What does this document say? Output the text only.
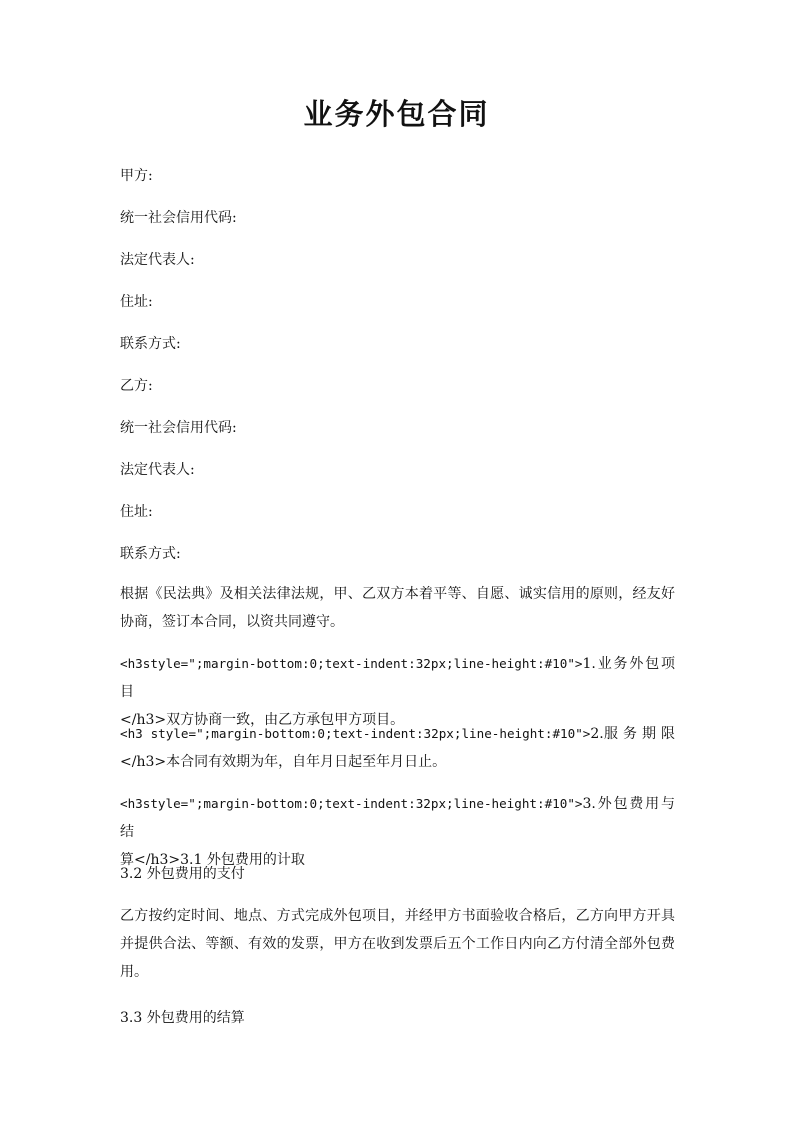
业务外包合同
甲方:
统一社会信用代码:
法定代表人:
住址:
联系方式:
乙方:
统一社会信用代码:
法定代表人:
住址:
联系方式:
根据《民法典》及相关法律法规，甲、乙双方本着平等、自愿、诚实信用的原则，经友好协商，签订本合同，以资共同遵守。
<h3style=";margin-bottom:0;text-indent:32px;line-height:#10">1.业务外包项目
</h3>双方协商一致，由乙方承包甲方项目。
<h3 style=";margin-bottom:0;text-indent:32px;line-height:#10">2.服 务 期 限
</h3>本合同有效期为年，自年月日起至年月日止。
<h3style=";margin-bottom:0;text-indent:32px;line-height:#10">3.外包费用与结
算</h3>3.1 外包费用的计取
3.2 外包费用的支付
乙方按约定时间、地点、方式完成外包项目，并经甲方书面验收合格后，乙方向甲方开具并提供合法、等额、有效的发票，甲方在收到发票后五个工作日内向乙方付清全部外包费用。
3.3 外包费用的结算
